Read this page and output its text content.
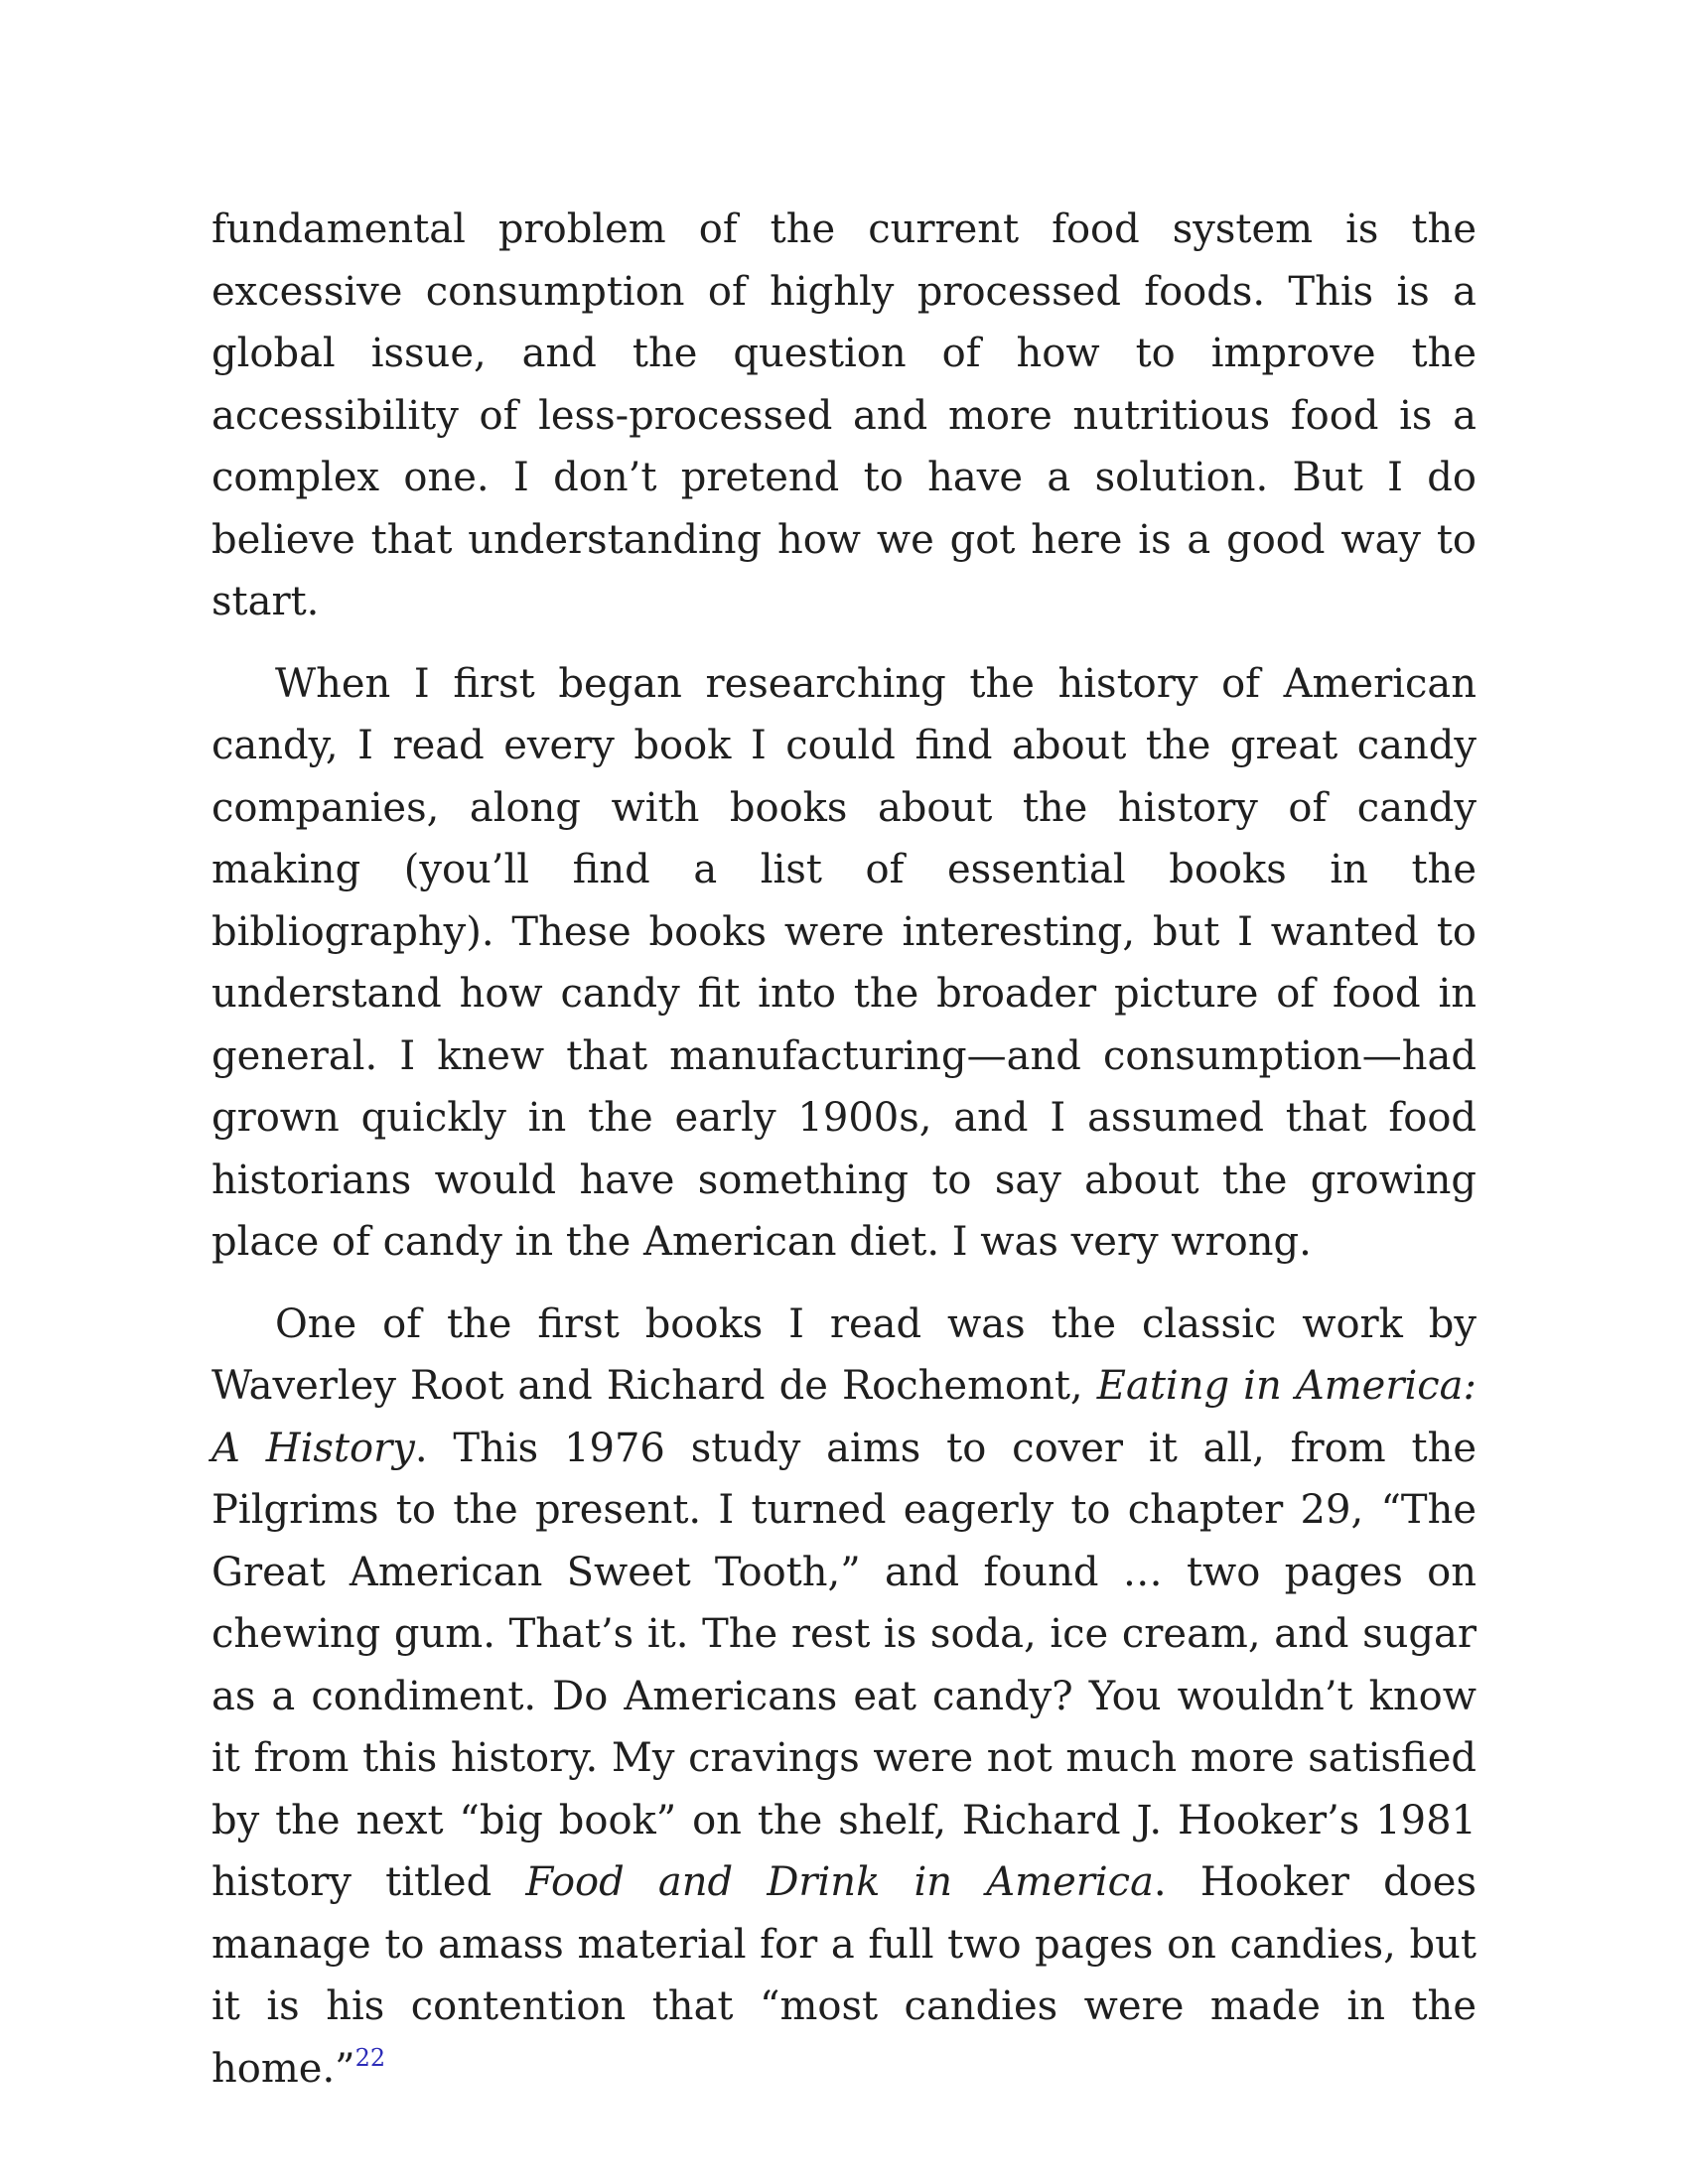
fundamental problem of the current food system is the excessive consumption of highly processed foods. This is a global issue, and the question of how to improve the accessibility of less-processed and more nutritious food is a complex one. I don’t pretend to have a solution. But I do believe that understanding how we got here is a good way to start.

When I first began researching the history of American candy, I read every book I could find about the great candy companies, along with books about the history of candy making (you’ll find a list of essential books in the bibliography). These books were interesting, but I wanted to understand how candy fit into the broader picture of food in general. I knew that manufacturing—and consumption—had grown quickly in the early 1900s, and I assumed that food historians would have something to say about the growing place of candy in the American diet. I was very wrong.

One of the first books I read was the classic work by Waverley Root and Richard de Rochemont, Eating in America: A History. This 1976 study aims to cover it all, from the Pilgrims to the present. I turned eagerly to chapter 29, “The Great American Sweet Tooth,” and found … two pages on chewing gum. That’s it. The rest is soda, ice cream, and sugar as a condiment. Do Americans eat candy? You wouldn’t know it from this history. My cravings were not much more satisfied by the next “big book” on the shelf, Richard J. Hooker’s 1981 history titled Food and Drink in America. Hooker does manage to amass material for a full two pages on candies, but it is his contention that “most candies were made in the home.”$^{22}$
